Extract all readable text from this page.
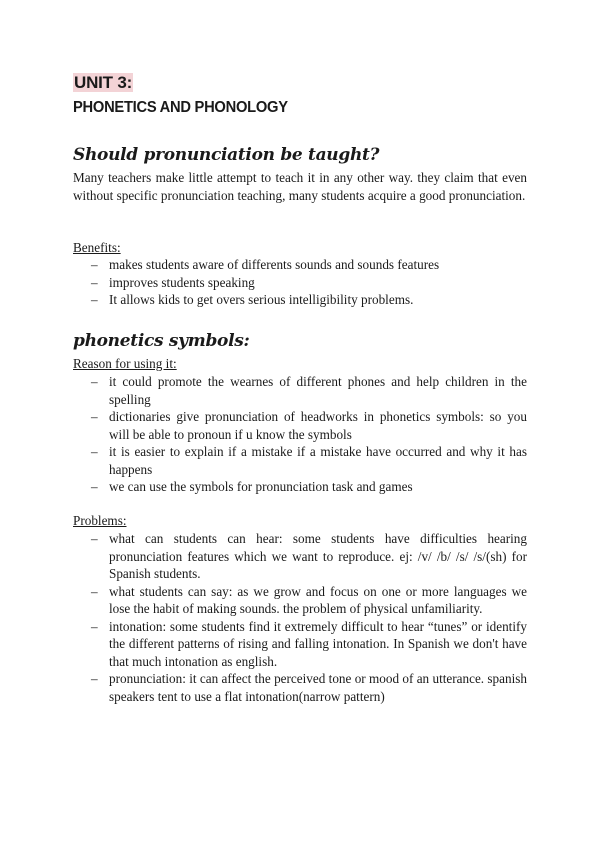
UNIT 3:
PHONETICS AND PHONOLOGY
Should pronunciation be taught?
Many teachers make little attempt to teach it in any other way. they claim that even without specific pronunciation teaching, many students acquire a good pronunciation.
Benefits:
– makes students aware of differents sounds and sounds features
– improves students speaking
– It allows kids to get overs serious intelligibility problems.
phonetics symbols:
Reason for using it:
– it could promote the wearnes of different phones and help children in the spelling
– dictionaries give pronunciation of headworks in phonetics symbols: so you will be able to pronoun if u know the symbols
– it is easier to explain if a mistake if a mistake have occurred and why it has happens
– we can use the symbols for pronunciation task and games
Problems:
– what can students can hear: some students have difficulties hearing pronunciation features which we want to reproduce. ej: /v/ /b/ /s/ /s/(sh) for Spanish students.
– what students can say: as we grow and focus on one or more languages we lose the habit of making sounds. the problem of physical unfamiliarity.
– intonation: some students find it extremely difficult to hear “tunes” or identify the different patterns of rising and falling intonation. In Spanish we don't have that much intonation as english.
– pronunciation: it can affect the perceived tone or mood of an utterance. spanish speakers tent to use a flat intonation(narrow pattern)
